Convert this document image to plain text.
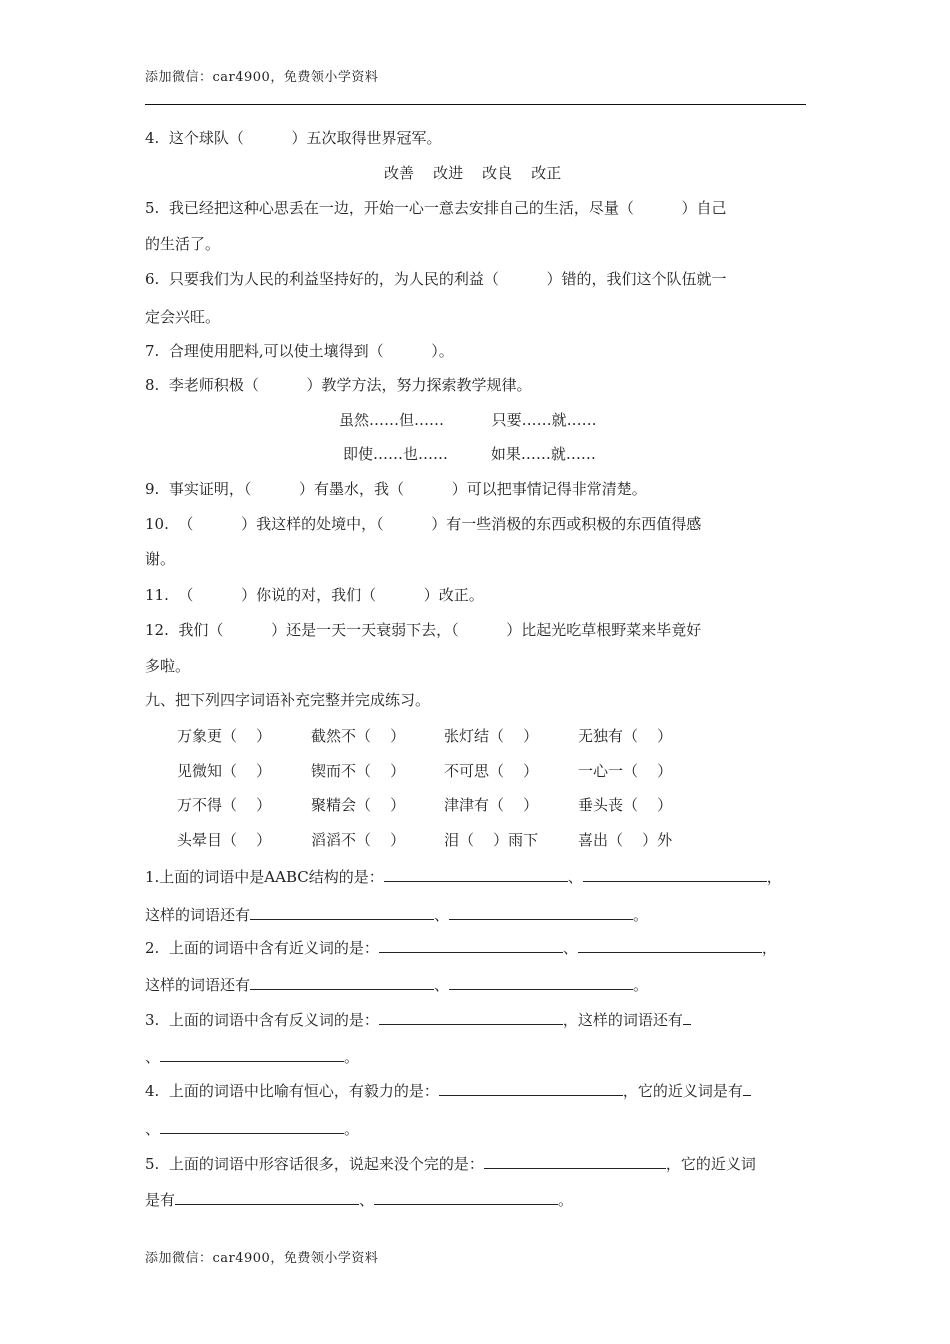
添加微信：car4900，免费领小学资料
4.  这个球队（          ）五次取得世界冠军。
改善    改进    改良    改正
5.  我已经把这种心思丢在一边，开始一心一意去安排自己的生活，尽量（          ）自己
的生活了。
6.  只要我们为人民的利益坚持好的，为人民的利益（          ）错的，我们这个队伍就一
定会兴旺。
7.  合理使用肥料,可以使土壤得到（          ）。
8.  李老师积极（          ）教学方法，努力探索教学规律。
虽然……但……          只要……就……
即使……也……         如果……就……
9.  事实证明，（          ）有墨水，我（          ）可以把事情记得非常清楚。
10.  （          ）我这样的处境中，（          ）有一些消极的东西或积极的东西值得感
谢。
11.  （          ）你说的对，我们（          ）改正。
12.  我们（          ）还是一天一天衰弱下去，（          ）比起光吃草根野菜来毕竟好
多啦。
九、把下列四字词语补充完整并完成练习。
万象更（    ）	截然不（    ）	张灯结（    ）	无独有（    ）
见微知（    ）	锲而不（    ）	不可思（    ）	一心一（    ）
万不得（    ）	聚精会（    ）	津津有（    ）	垂头丧（    ）
头晕目（    ）	滔滔不（    ）	泪（    ）雨下	喜出（    ）外
1.上面的词语中是AABC结构的是：	、	，
这样的词语还有	、	。
2.  上面的词语中含有近义词的是：	、	，
这样的词语还有	、	。
3.  上面的词语中含有反义词的是：	，这样的词语还有
、	。
4.  上面的词语中比喻有恒心，有毅力的是：	，它的近义词是有
、	。
5.  上面的词语中形容话很多，说起来没个完的是：	，它的近义词
是有	、	。
添加微信：car4900，免费领小学资料
